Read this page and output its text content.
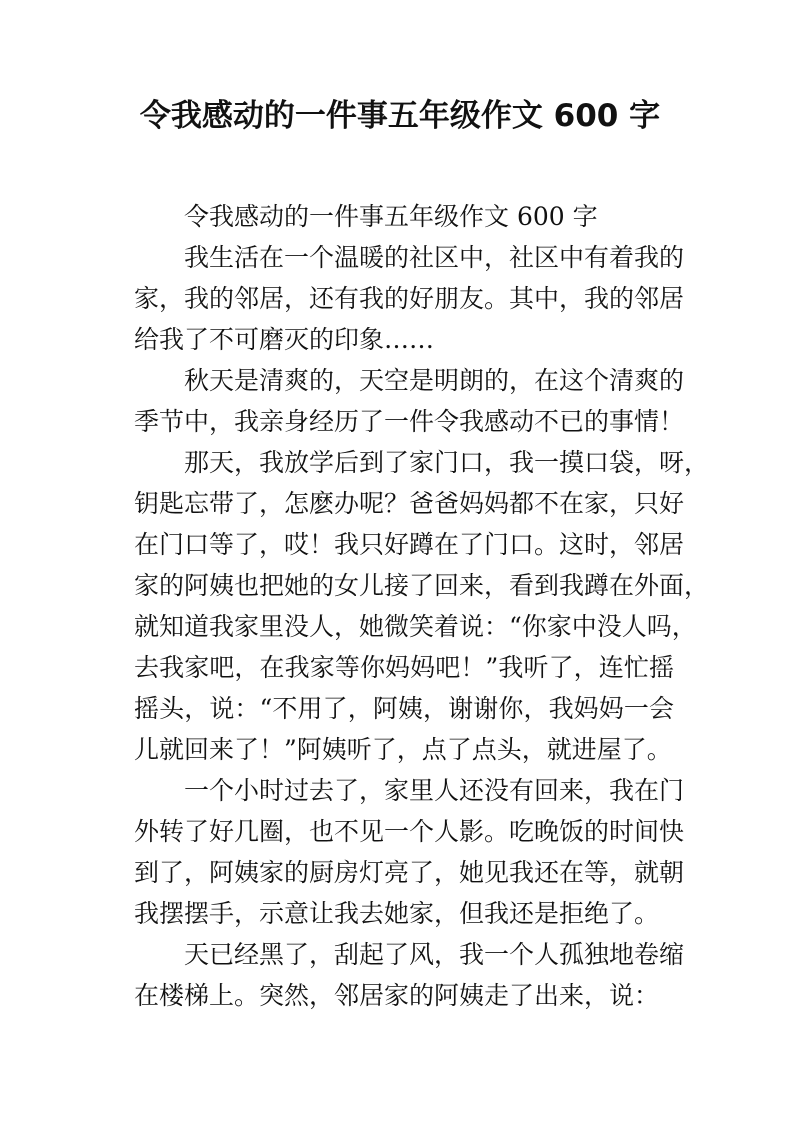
令我感动的一件事五年级作文 600 字
令我感动的一件事五年级作文 600 字
我生活在一个温暖的社区中，社区中有着我的
家，我的邻居，还有我的好朋友。其中，我的邻居
给我了不可磨灭的印象……
秋天是清爽的，天空是明朗的，在这个清爽的
季节中，我亲身经历了一件令我感动不已的事情！
那天，我放学后到了家门口，我一摸口袋，呀，
钥匙忘带了，怎麽办呢？爸爸妈妈都不在家，只好
在门口等了，哎！我只好蹲在了门口。这时，邻居
家的阿姨也把她的女儿接了回来，看到我蹲在外面，
就知道我家里没人，她微笑着说：“你家中没人吗，
去我家吧，在我家等你妈妈吧！”我听了，连忙摇
摇头，说：“不用了，阿姨，谢谢你，我妈妈一会
儿就回来了！”阿姨听了，点了点头，就进屋了。
一个小时过去了，家里人还没有回来，我在门
外转了好几圈，也不见一个人影。吃晚饭的时间快
到了，阿姨家的厨房灯亮了，她见我还在等，就朝
我摆摆手，示意让我去她家，但我还是拒绝了。
天已经黑了，刮起了风，我一个人孤独地卷缩
在楼梯上。突然，邻居家的阿姨走了出来，说：
